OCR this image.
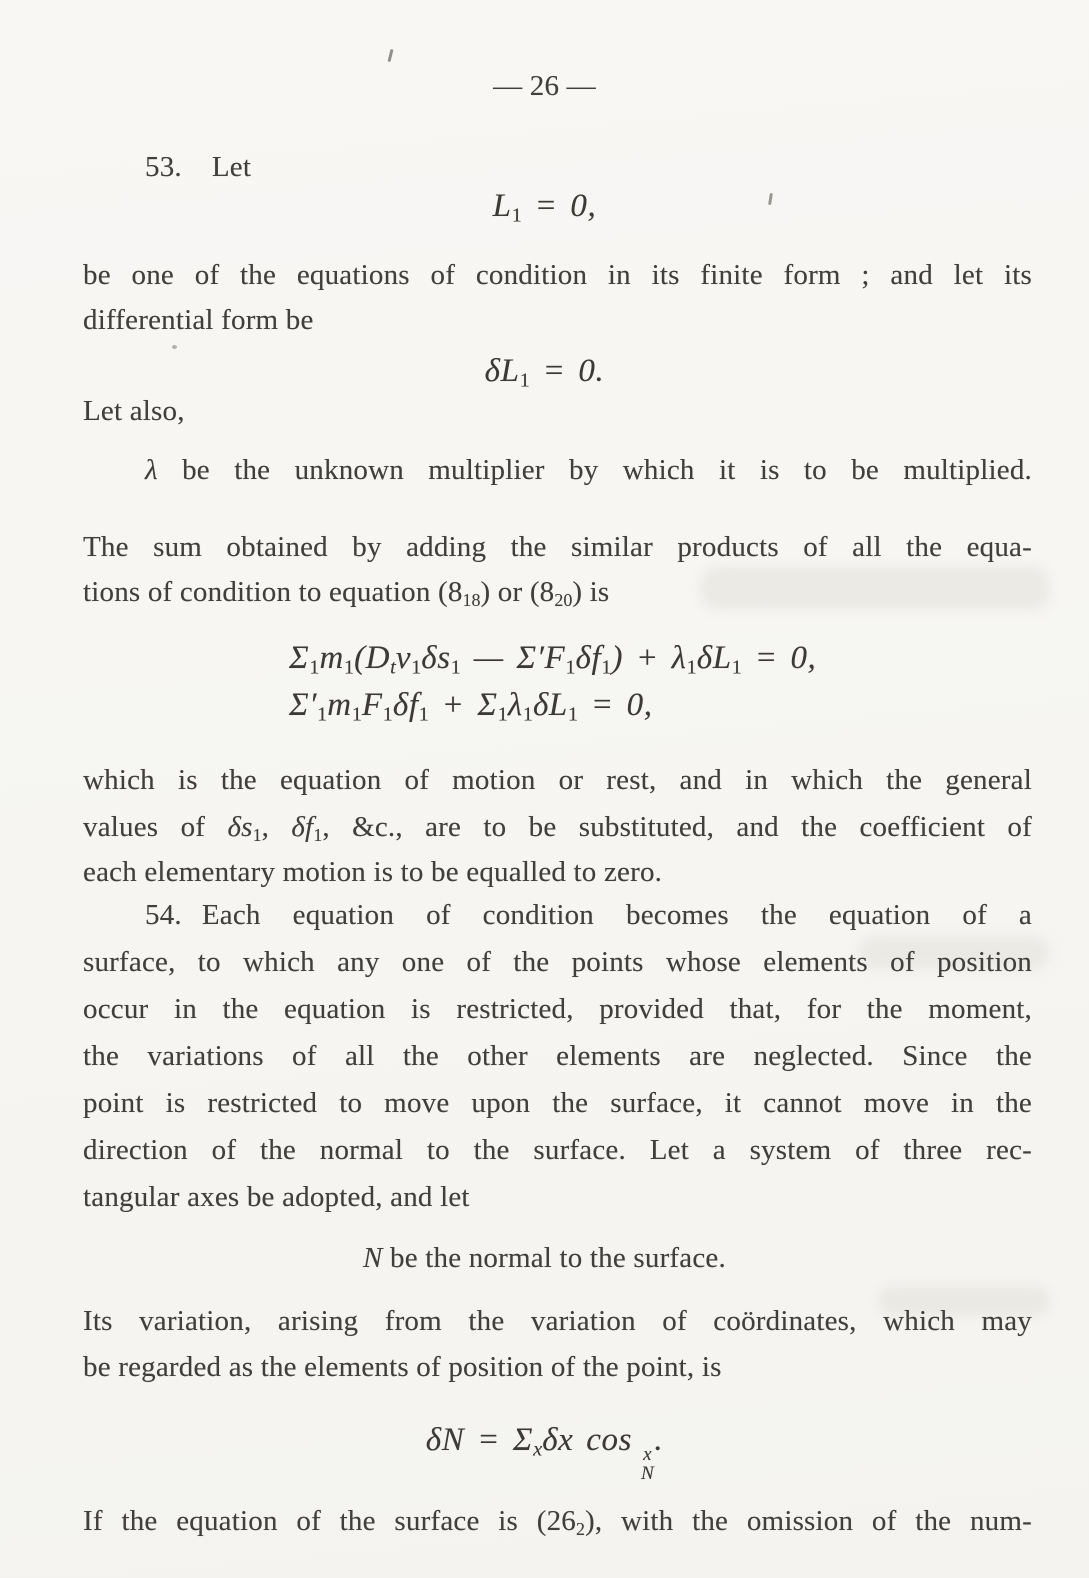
— 26 —
53. Let
$L_1 = 0$,
be one of the equations of condition in its finite form ; and let its
differential form be
$\delta L_1 = 0$.
Let also,
λ be the unknown multiplier by which it is to be multiplied.
The sum obtained by adding the similar products of all the equa-
tions of condition to equation $(8_{18})$ or $(8_{20})$ is
$\Sigma_1m_1(D_tv_1\delta s_1$ — $\Sigma'F_1\delta f_1) + \lambda_1\delta L_1 = 0$,
$\Sigma'_1m_1F_1\delta f_1 + \Sigma_1\lambda_1\delta L_1 = 0$,
which is the equation of motion or rest, and in which the general
values of $\delta s_1$, $\delta f_1$, &c., are to be substituted, and the coefficient of
each elementary motion is to be equalled to zero.
54. Each equation of condition becomes the equation of a
surface, to which any one of the points whose elements of position
occur in the equation is restricted, provided that, for the moment,
the variations of all the other elements are neglected. Since the
point is restricted to move upon the surface, it cannot move in the
direction of the normal to the surface. Let a system of three rec-
tangular axes be adopted, and let
N be the normal to the surface.
Its variation, arising from the variation of coördinates, which may
be regarded as the elements of position of the point, is
$\delta N = \Sigma_x\delta x$ cos x
N
.
If the equation of the surface is $(26_2)$, with the omission of the num-
